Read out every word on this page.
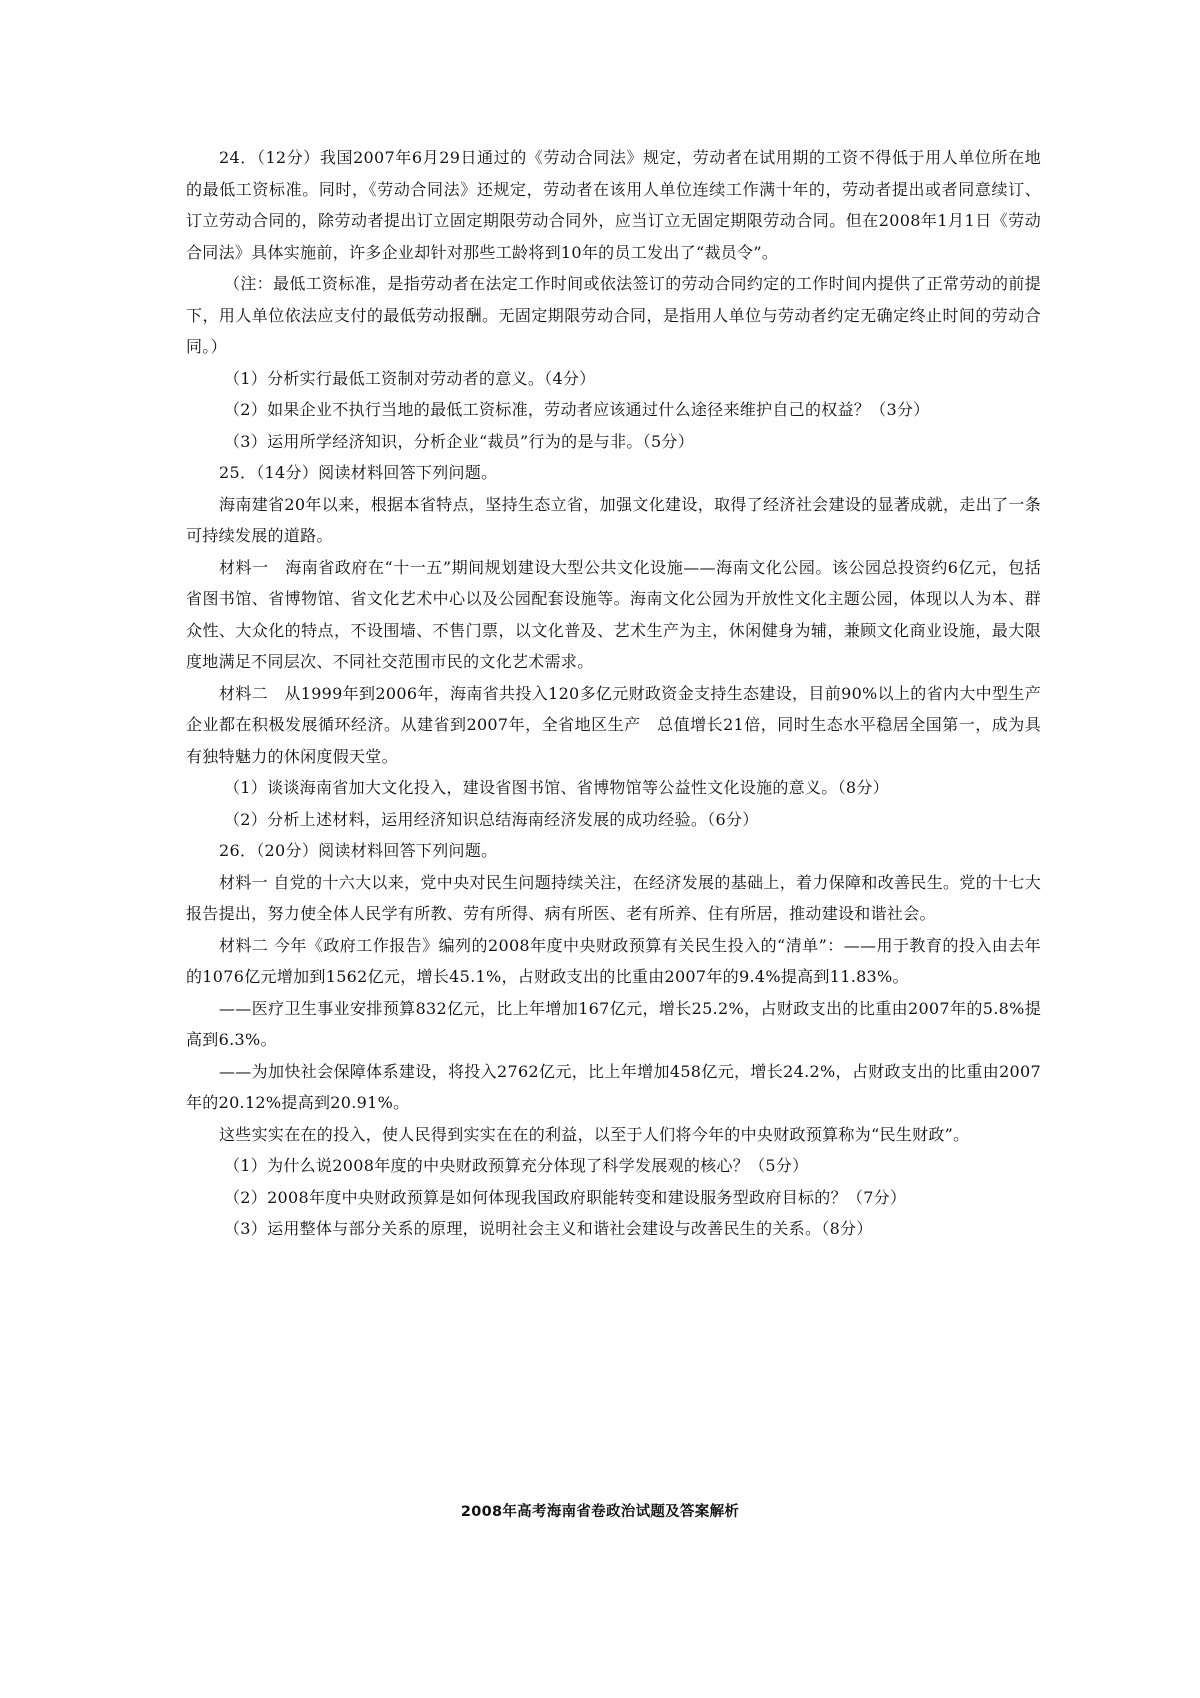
24．（12分）我国2007年6月29日通过的《劳动合同法》规定，劳动者在试用期的工资不得低于用人单位所在地的最低工资标准。同时，《劳动合同法》还规定，劳动者在该用人单位连续工作满十年的，劳动者提出或者同意续订、订立劳动合同的，除劳动者提出订立固定期限劳动合同外，应当订立无固定期限劳动合同。但在2008年1月1日《劳动合同法》具体实施前，许多企业却针对那些工龄将到10年的员工发出了“裁员令”。

（注：最低工资标准，是指劳动者在法定工作时间或依法签订的劳动合同约定的工作时间内提供了正常劳动的前提下，用人单位依法应支付的最低劳动报酬。无固定期限劳动合同，是指用人单位与劳动者约定无确定终止时间的劳动合同。）

（1）分析实行最低工资制对劳动者的意义。（4分）

（2）如果企业不执行当地的最低工资标准，劳动者应该通过什么途径来维护自己的权益？（3分）

（3）运用所学经济知识，分析企业“裁员”行为的是与非。（5分）

25．（14分）阅读材料回答下列问题。

海南建省20年以来，根据本省特点，坚持生态立省，加强文化建设，取得了经济社会建设的显著成就，走出了一条可持续发展的道路。

材料一　海南省政府在“十一五”期间规划建设大型公共文化设施——海南文化公园。该公园总投资约6亿元，包括省图书馆、省博物馆、省文化艺术中心以及公园配套设施等。海南文化公园为开放性文化主题公园，体现以人为本、群众性、大众化的特点，不设围墙、不售门票，以文化普及、艺术生产为主，休闲健身为辅，兼顾文化商业设施，最大限度地满足不同层次、不同社交范围市民的文化艺术需求。

材料二　从1999年到2006年，海南省共投入120多亿元财政资金支持生态建设，目前90%以上的省内大中型生产企业都在积极发展循环经济。从建省到2007年，全省地区生产　总值增长21倍，同时生态水平稳居全国第一，成为具有独特魅力的休闲度假天堂。

（1）谈谈海南省加大文化投入，建设省图书馆、省博物馆等公益性文化设施的意义。（8分）

（2）分析上述材料，运用经济知识总结海南经济发展的成功经验。（6分）

26．（20分）阅读材料回答下列问题。

材料一 自党的十六大以来，党中央对民生问题持续关注，在经济发展的基础上，着力保障和改善民生。党的十七大报告提出，努力使全体人民学有所教、劳有所得、病有所医、老有所养、住有所居，推动建设和谐社会。

材料二 今年《政府工作报告》编列的2008年度中央财政预算有关民生投入的“清单”：——用于教育的投入由去年的1076亿元增加到1562亿元，增长45.1%，占财政支出的比重由2007年的9.4%提高到11.83%。

——医疗卫生事业安排预算832亿元，比上年增加167亿元，增长25.2%，占财政支出的比重由2007年的5.8%提高到6.3%。

——为加快社会保障体系建设，将投入2762亿元，比上年增加458亿元，增长24.2%，占财政支出的比重由2007年的20.12%提高到20.91%。

这些实实在在的投入，使人民得到实实在在的利益，以至于人们将今年的中央财政预算称为“民生财政”。

（1）为什么说2008年度的中央财政预算充分体现了科学发展观的核心？（5分）

（2）2008年度中央财政预算是如何体现我国政府职能转变和建设服务型政府目标的？（7分）

（3）运用整体与部分关系的原理，说明社会主义和谐社会建设与改善民生的关系。（8分）

2008年高考海南省卷政治试题及答案解析
